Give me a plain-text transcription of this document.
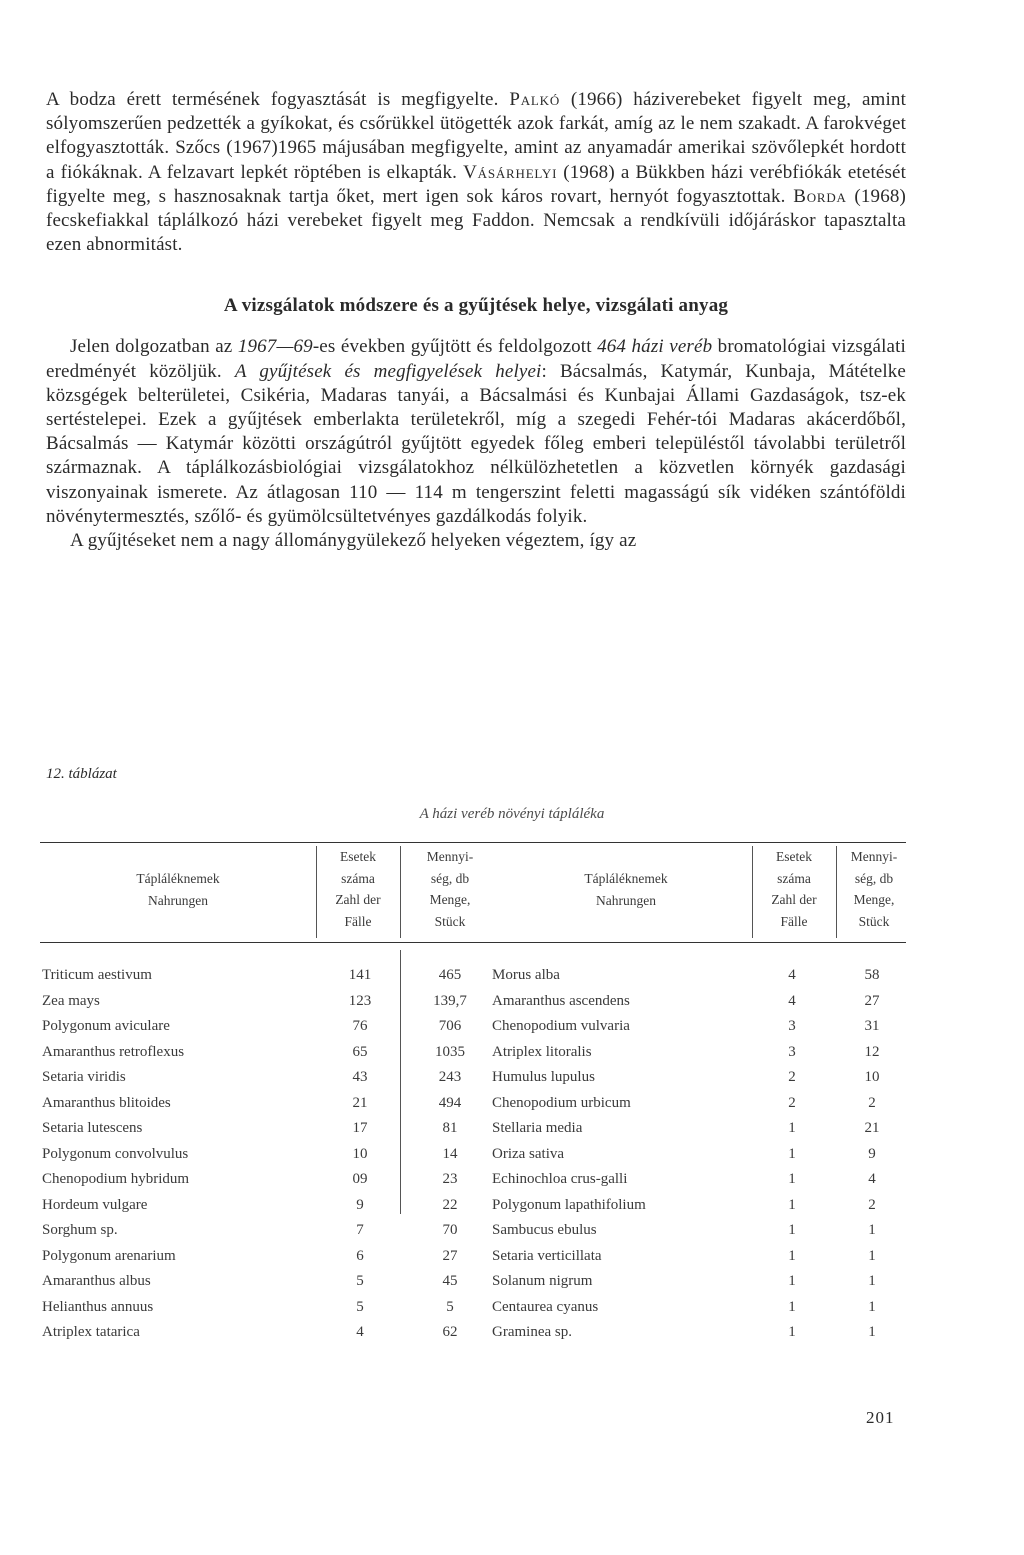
A bodza érett termésének fogyasztását is megfigyelte. Palkó (1966) háziverebeket figyelt meg, amint sólyomszerűen pedzették a gyíkokat, és csőrükkel ütögették azok farkát, amíg az le nem szakadt. A farokvéget elfogyasztották. Szőcs (1967)1965 májusában megfigyelte, amint az anyamadár amerikai szövőlepkét hordott a fiókáknak. A felzavart lepkét röptében is elkapták. Vásárhelyi (1968) a Bükkben házi verébfiókák etetését figyelte meg, s hasznosaknak tartja őket, mert igen sok káros rovart, hernyót fogyasztottak. Borda (1968) fecskefiakkal táplálkozó házi verebeket figyelt meg Faddon. Nemcsak a rendkívüli időjáráskor tapasztalta ezen abnormitást.

A vizsgálatok módszere és a gyűjtések helye, vizsgálati anyag

Jelen dolgozatban az 1967—69-es években gyűjtött és feldolgozott 464 házi veréb bromatológiai vizsgálati eredményét közöljük. A gyűjtések és megfigyelések helyei: Bácsalmás, Katymár, Kunbaja, Mátételke közsgégek belterületei, Csikéria, Madaras tanyái, a Bácsalmási és Kunbajai Állami Gazdaságok, tsz-ek sertéstelepei. Ezek a gyűjtések emberlakta területekről, míg a szegedi Fehér-tói Madaras akácerdőből, Bácsalmás — Katymár közötti országútról gyűjtött egyedek főleg emberi településtől távolabbi területről származnak. A táplálkozásbiológiai vizsgálatokhoz nélkülözhetetlen a közvetlen környék gazdasági viszonyainak ismerete. Az átlagosan 110 — 114 m tengerszint feletti magasságú sík vidéken szántóföldi növénytermesztés, szőlő- és gyümölcsültetvényes gazdálkodás folyik.

A gyűjtéseket nem a nagy állománygyülekező helyeken végeztem, így az

12. táblázat
A házi veréb növényi tápláléka
Tápláléknemek
Nahrungen
Esetek
száma
Zahl der
Fälle
Mennyi-
ség, db
Menge,
Stück
Tápláléknemek
Nahrungen
Esetek
száma
Zahl der
Fälle
Mennyi-
ség, db
Menge,
Stück
Triticum aestivum	141	465	Morus alba	4	58
Zea mays	123	139,7	Amaranthus ascendens	4	27
Polygonum aviculare	76	706	Chenopodium vulvaria	3	31
Amaranthus retroflexus	65	1035	Atriplex litoralis	3	12
Setaria viridis	43	243	Humulus lupulus	2	10
Amaranthus blitoides	21	494	Chenopodium urbicum	2	2
Setaria lutescens	17	81	Stellaria media	1	21
Polygonum convolvulus	10	14	Oriza sativa	1	9
Chenopodium hybridum	09	23	Echinochloa crus-galli	1	4
Hordeum vulgare	9	22	Polygonum lapathifolium	1	2
Sorghum sp.	7	70	Sambucus ebulus	1	1
Polygonum arenarium	6	27	Setaria verticillata	1	1
Amaranthus albus	5	45	Solanum nigrum	1	1
Helianthus annuus	5	5	Centaurea cyanus	1	1
Atriplex tatarica	4	62	Graminea sp.	1	1
201
